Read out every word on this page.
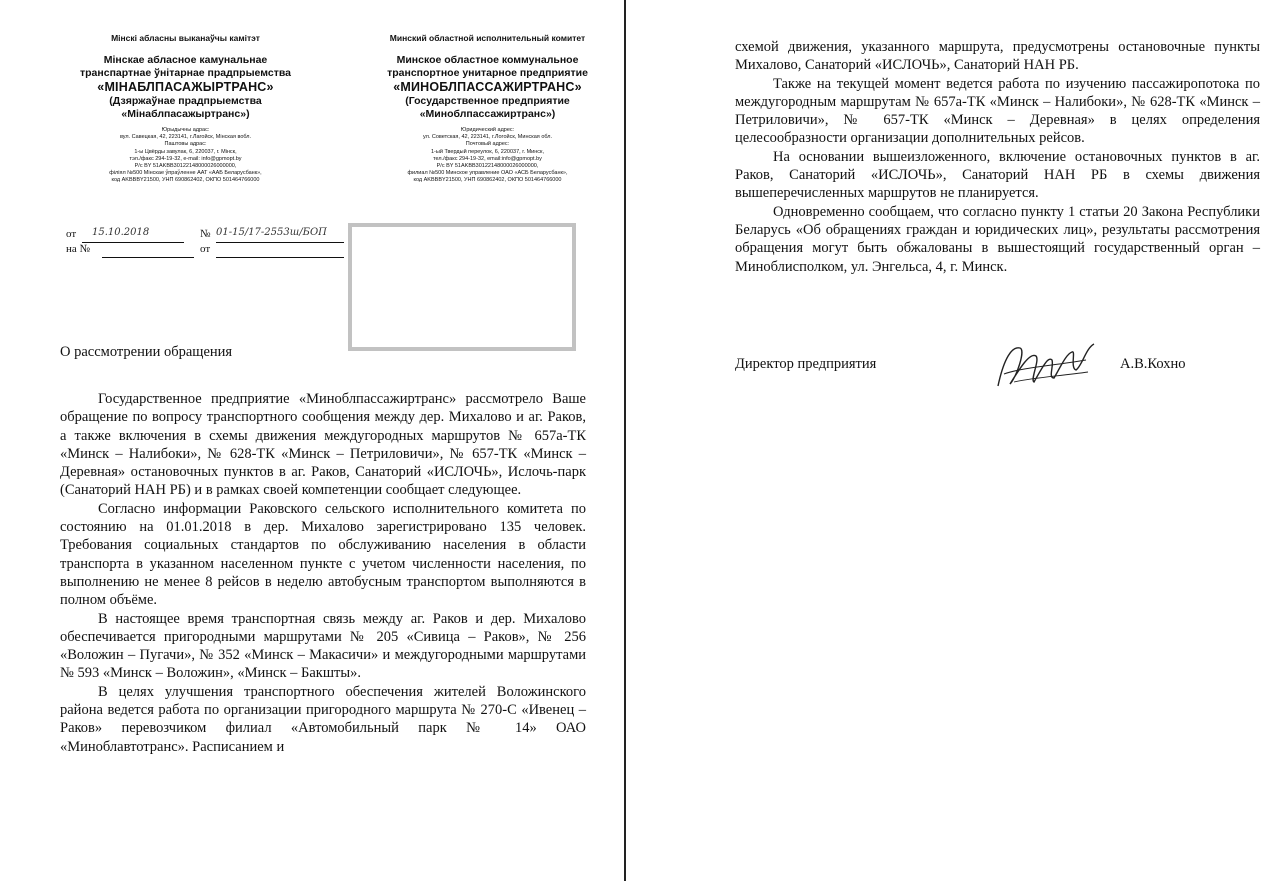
Мінскі абласны выканаўчы камітэт
Мінскае абласное камунальнае
транспартнае ўнітарнае прадпрыемства
«МІНАБЛПАСАЖЫРТРАНС»
(Дзяржаўнае прадпрыемства
«Мінаблпасажыртранс»)
Юрыдычны адрас:
вул. Савецкая, 42, 223141, г.Лагойск, Мінская вобл.
Паштовы адрас:
1-ы Цвёрды завулак, 6, 220037, г. Мінск,
тэл./факс 294-19-32, e-mail: info@gpmopt.by
Р/с BY 51AKBB30122148000026000000,
філіял №500 Мінскае ўпраўленне ААТ «ААБ Беларусбанк»,
код AKBBBY21500, УНП 690862402, ОКПО 501464766000
Минский областной исполнительный комитет
Минское областное коммунальное
транспортное унитарное предприятие
«МИНОБЛПАССАЖИРТРАНС»
(Государственное предприятие
«Миноблпассажиртранс»)
Юридический адрес:
ул. Советская, 42, 223141, г.Логойск, Минская обл.
Почтовый адрес:
1-ый Твердый переулок, 6, 220037, г. Минск,
тел./факс 294-19-32, email:info@gpmopt.by
Р/с BY 51AKBB30122148000026000000,
филиал №500 Минское управление ОАО «АСБ Беларусбанк»,
код AKBBBY21500, УНП 690862402, ОКПО 501464766000
от 15.10.2018	№ 01-15/17-2553ш/БОП
на №	от
О рассмотрении обращения

Государственное предприятие «Миноблпассажиртранс» рассмотрело Ваше обращение по вопросу транспортного сообщения между дер. Михалово и аг. Раков, а также включения в схемы движения междугородных маршрутов № 657а-ТК «Минск – Налибоки», № 628-ТК «Минск – Петриловичи», № 657-ТК «Минск – Деревная» остановочных пунктов в аг. Раков, Санаторий «ИСЛОЧЬ», Ислочь-парк (Санаторий НАН РБ) и в рамках своей компетенции сообщает следующее.

Согласно информации Раковского сельского исполнительного комитета по состоянию на 01.01.2018 в дер. Михалово зарегистрировано 135 человек. Требования социальных стандартов по обслуживанию населения в области транспорта в указанном населенном пункте с учетом численности населения, по выполнению не менее 8 рейсов в неделю автобусным транспортом выполняются в полном объёме.

В настоящее время транспортная связь между аг. Раков и дер. Михалово обеспечивается пригородными маршрутами № 205 «Сивица – Раков», № 256 «Воложин – Пугачи», № 352 «Минск – Макасичи» и междугородными маршрутами № 593 «Минск – Воложин», «Минск – Бакшты».

В целях улучшения транспортного обеспечения жителей Воложинского района ведется работа по организации пригородного маршрута № 270-С «Ивенец – Раков» перевозчиком филиал «Автомобильный парк № 14» ОАО «Миноблавтотранс». Расписанием и

схемой движения, указанного маршрута, предусмотрены остановочные пункты Михалово, Санаторий «ИСЛОЧЬ», Санаторий НАН РБ.

Также на текущей момент ведется работа по изучению пассажиропотока по междугородным маршрутам № 657а-ТК «Минск – Налибоки», № 628-ТК «Минск – Петриловичи», № 657-ТК «Минск – Деревная» в целях определения целесообразности организации дополнительных рейсов.

На основании вышеизложенного, включение остановочных пунктов в аг. Раков, Санаторий «ИСЛОЧЬ», Санаторий НАН РБ в схемы движения вышеперечисленных маршрутов не планируется.

Одновременно сообщаем, что согласно пункту 1 статьи 20 Закона Республики Беларусь «Об обращениях граждан и юридических лиц», результаты рассмотрения обращения могут быть обжалованы в вышестоящий государственный орган – Миноблисполком, ул. Энгельса, 4, г. Минск.

Директор предприятия	А.В.Кохно
